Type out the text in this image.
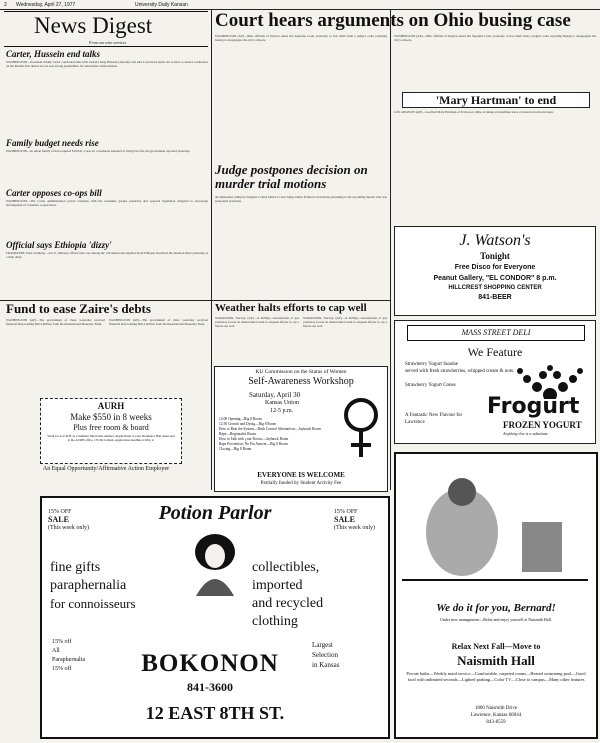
2 Wednesday, April 27, 1977	University Daily Kansan
News Digest
From our wire services
Carter, Hussein end talks
WASHINGTON—President Jimmy Carter concluded talks with Jordan's King Hussein yesterday and said it would be better not to have a Geneva conference on the Middle East unless we are sure strong possibilities for substantive achievements.
Family budget needs rise
WASHINGTON—In urban family of four required $10,041 a year for a moderate standard of living last fall, the government reported yesterday.
Carter opposes co-ops bill
WASHINGTON—The Carter administration parted company with the consumer groups yesterday and opposed legislation designed to encourage development of consumer cooperatives.
Official says Ethiopia 'dizzy'
FRANKFURT, West Germany—A U.S. embassy official who was among the 120 Americans expelled from Ethiopia described the situation there yesterday as a little dizzy.
Court hears arguments on Ohio busing case
WASHINGTON (AP)—Ohio officials of Dayton asked the Supreme Court yesterday to free them from a judge's order requiring busing to desegregate the city's schools.
WASHINGTON (AP)—Ohio officials of Dayton asked the Supreme Court yesterday to free them from a judge's order requiring busing to desegregate the city's schools.
'Mary Hartman' to end
LOS ANGELES (AP)—Goofball Mary Hartman of Fernwood, Ohio, is taking an indefinite leave of absence from television.
Judge postpones decision on murder trial motions
An immediate ruling by Douglas County District Court Judge James Paddock on motions pertaining to the upcoming murder trial was postponed yesterday.
J. Watson's
Tonight
Free Disco for Everyone
Peanut Gallery, "EL CONDOR" 8 p.m.
HILLCREST SHOPPING CENTER
841-BEER
Fund to ease Zaire's debts
WASHINGTON (AP)—The government of Zaire yesterday received financial help totaling $66.4 million from the International Monetary Fund.
WASHINGTON (AP)—The government of Zaire yesterday received financial help totaling $66.4 million from the International Monetary Fund.
Weather halts efforts to cap well
STAVANGER, Norway (AP)—A drilling concentration of gas yesterday forced an Americanled team to suspend efforts to cap a blown-out well.
STAVANGER, Norway (AP)—A drilling concentration of gas yesterday forced an Americanled team to suspend efforts to cap a blown-out well.
AURH
Make $550 in 8 weeks
Plus free room & board
Work for A.U.R.H. as a Summer Intern this summer. Applications at your Residence Hall desks and at the AURH office, 135 McCollum. Application deadline is May 2.
An Equal Opportunity/Affirmative Action Employer
KU Commission on the Status of Women
Self-Awareness Workshop
Saturday, April 30
Kansas Union
12-5 p.m.
12:00 Opening—Big 8 Room
12:30 Growth and Dying—Big 8 Room
How to Beat the System—Birth Control Alternatives—Jayhawk Room
Rape—Regionalist Room
How to Talk with your Doctor—Jayhawk Room
Rape Prevention: No Pat Answer—Big 8 Room
Closing—Big 8 Room
EVERYONE IS WELCOME
Partially funded by Student Activity Fee
MASS STREET DELI
We Feature
Strawberry Yogurt Sundae
served with fresh strawberries, whipped cream & nuts.
Strawberry Yogurt Cones
Frogurt
A Fantastic New Flavour for Lawrence	FROZEN YOGURT
Anything else is a substitute
Potion Parlor
15% OFF
SALE
(This week only)
15% OFF
SALE
(This week only)
fine gifts
paraphernalia
for connoisseurs
collectibles,
imported
and recycled
clothing
15% off
All
Paraphernalia
15% off
Largest
Selection
in Kansas
BOKONON
841-3600
12 EAST 8TH ST.
We do it for you, Bernard!
Under new management—Relax and enjoy yourself at Naismith Hall.
Relax Next Fall—Move to
Naismith Hall
Private baths—Weekly maid service—Comfortable, carpeted rooms—Heated swimming pool—Good food with unlimited seconds—Lighted parking—Color TV—Close to campus—Many other features
1800 Naismith Drive
Lawrence, Kansas 66044
843-8559
